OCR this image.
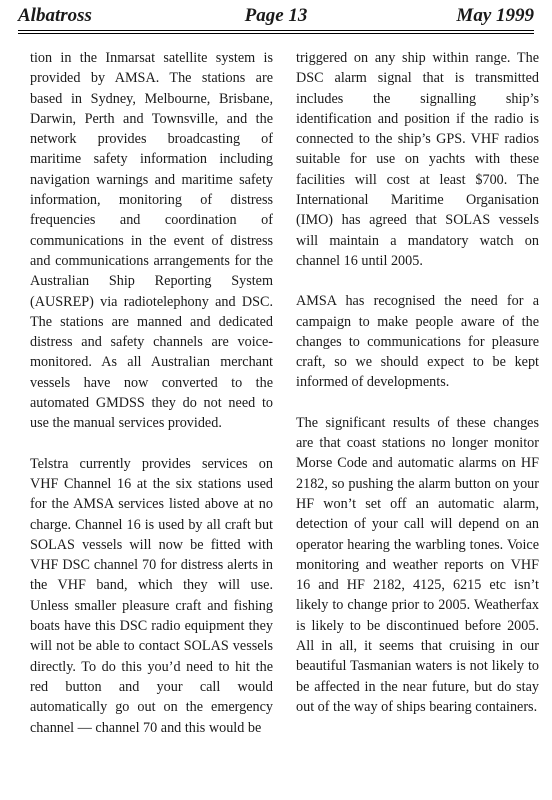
Albatross	Page 13	May 1999

tion in the Inmarsat satellite system is provided by AMSA. The stations are based in Sydney, Melbourne, Brisbane, Darwin, Perth and Townsville, and the network provides broadcasting of maritime safety information including navigation warnings and maritime safety information, monitoring of distress frequencies and coordination of communications in the event of distress and communications arrangements for the Australian Ship Reporting System (AUSREP) via radiotelephony and DSC. The stations are manned and dedicated distress and safety channels are voice-monitored. As all Australian merchant vessels have now converted to the automated GMDSS they do not need to use the manual services provided.

Telstra currently provides services on VHF Channel 16 at the six stations used for the AMSA services listed above at no charge. Channel 16 is used by all craft but SOLAS vessels will now be fitted with VHF DSC channel 70 for distress alerts in the VHF band, which they will use. Unless smaller pleasure craft and fishing boats have this DSC radio equipment they will not be able to contact SOLAS vessels directly. To do this you’d need to hit the red button and your call would automatically go out on the emergency channel — channel 70 and this would be

triggered on any ship within range. The DSC alarm signal that is transmitted includes the signalling ship’s identification and position if the radio is connected to the ship’s GPS. VHF radios suitable for use on yachts with these facilities will cost at least $700. The International Maritime Organisation (IMO) has agreed that SOLAS vessels will maintain a mandatory watch on channel 16 until 2005.

AMSA has recognised the need for a campaign to make people aware of the changes to communications for pleasure craft, so we should expect to be kept informed of developments.

The significant results of these changes are that coast stations no longer monitor Morse Code and automatic alarms on HF 2182, so pushing the alarm button on your HF won’t set off an automatic alarm, detection of your call will depend on an operator hearing the warbling tones. Voice monitoring and weather reports on VHF 16 and HF 2182, 4125, 6215 etc isn’t likely to change prior to 2005. Weatherfax is likely to be discontinued before 2005. All in all, it seems that cruising in our beautiful Tasmanian waters is not likely to be affected in the near future, but do stay out of the way of ships bearing containers.
